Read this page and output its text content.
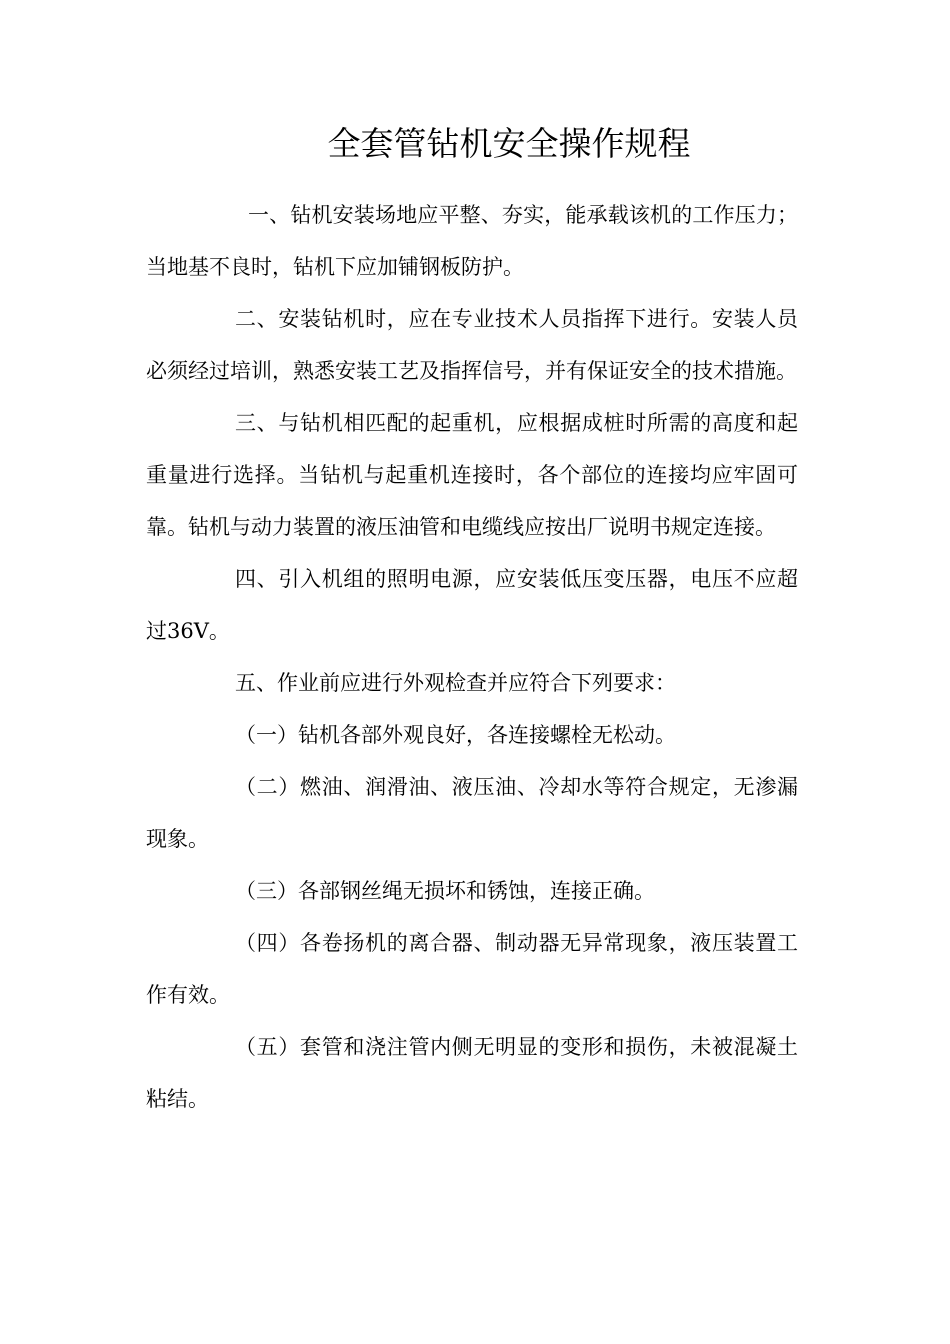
全套管钻机安全操作规程

一、钻机安装场地应平整、夯实，能承载该机的工作压力；当地基不良时，钻机下应加铺钢板防护。

二、安装钻机时，应在专业技术人员指挥下进行。安装人员必须经过培训，熟悉安装工艺及指挥信号，并有保证安全的技术措施。

三、与钻机相匹配的起重机，应根据成桩时所需的高度和起重量进行选择。当钻机与起重机连接时，各个部位的连接均应牢固可靠。钻机与动力装置的液压油管和电缆线应按出厂说明书规定连接。

四、引入机组的照明电源，应安装低压变压器，电压不应超过36V。

五、作业前应进行外观检查并应符合下列要求：

（一）钻机各部外观良好，各连接螺栓无松动。

（二）燃油、润滑油、液压油、冷却水等符合规定，无渗漏现象。

（三）各部钢丝绳无损坏和锈蚀，连接正确。

（四）各卷扬机的离合器、制动器无异常现象，液压装置工作有效。

（五）套管和浇注管内侧无明显的变形和损伤，未被混凝土粘结。
